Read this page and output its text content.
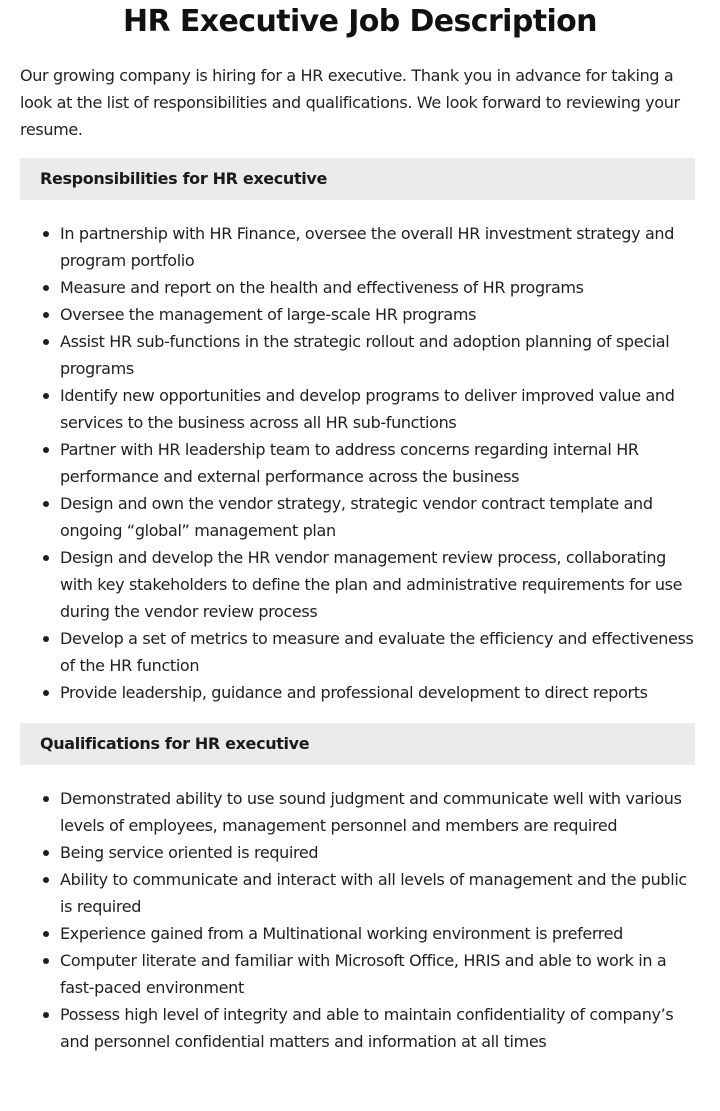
HR Executive Job Description

Our growing company is hiring for a HR executive. Thank you in advance for taking a look at the list of responsibilities and qualifications. We look forward to reviewing your resume.

Responsibilities for HR executive
In partnership with HR Finance, oversee the overall HR investment strategy and program portfolio
Measure and report on the health and effectiveness of HR programs
Oversee the management of large-scale HR programs
Assist HR sub-functions in the strategic rollout and adoption planning of special programs
Identify new opportunities and develop programs to deliver improved value and services to the business across all HR sub-functions
Partner with HR leadership team to address concerns regarding internal HR performance and external performance across the business
Design and own the vendor strategy, strategic vendor contract template and ongoing “global” management plan
Design and develop the HR vendor management review process, collaborating with key stakeholders to define the plan and administrative requirements for use during the vendor review process
Develop a set of metrics to measure and evaluate the efficiency and effectiveness of the HR function
Provide leadership, guidance and professional development to direct reports
Qualifications for HR executive
Demonstrated ability to use sound judgment and communicate well with various levels of employees, management personnel and members are required
Being service oriented is required
Ability to communicate and interact with all levels of management and the public is required
Experience gained from a Multinational working environment is preferred
Computer literate and familiar with Microsoft Office, HRIS and able to work in a fast-paced environment
Possess high level of integrity and able to maintain confidentiality of company’s and personnel confidential matters and information at all times
